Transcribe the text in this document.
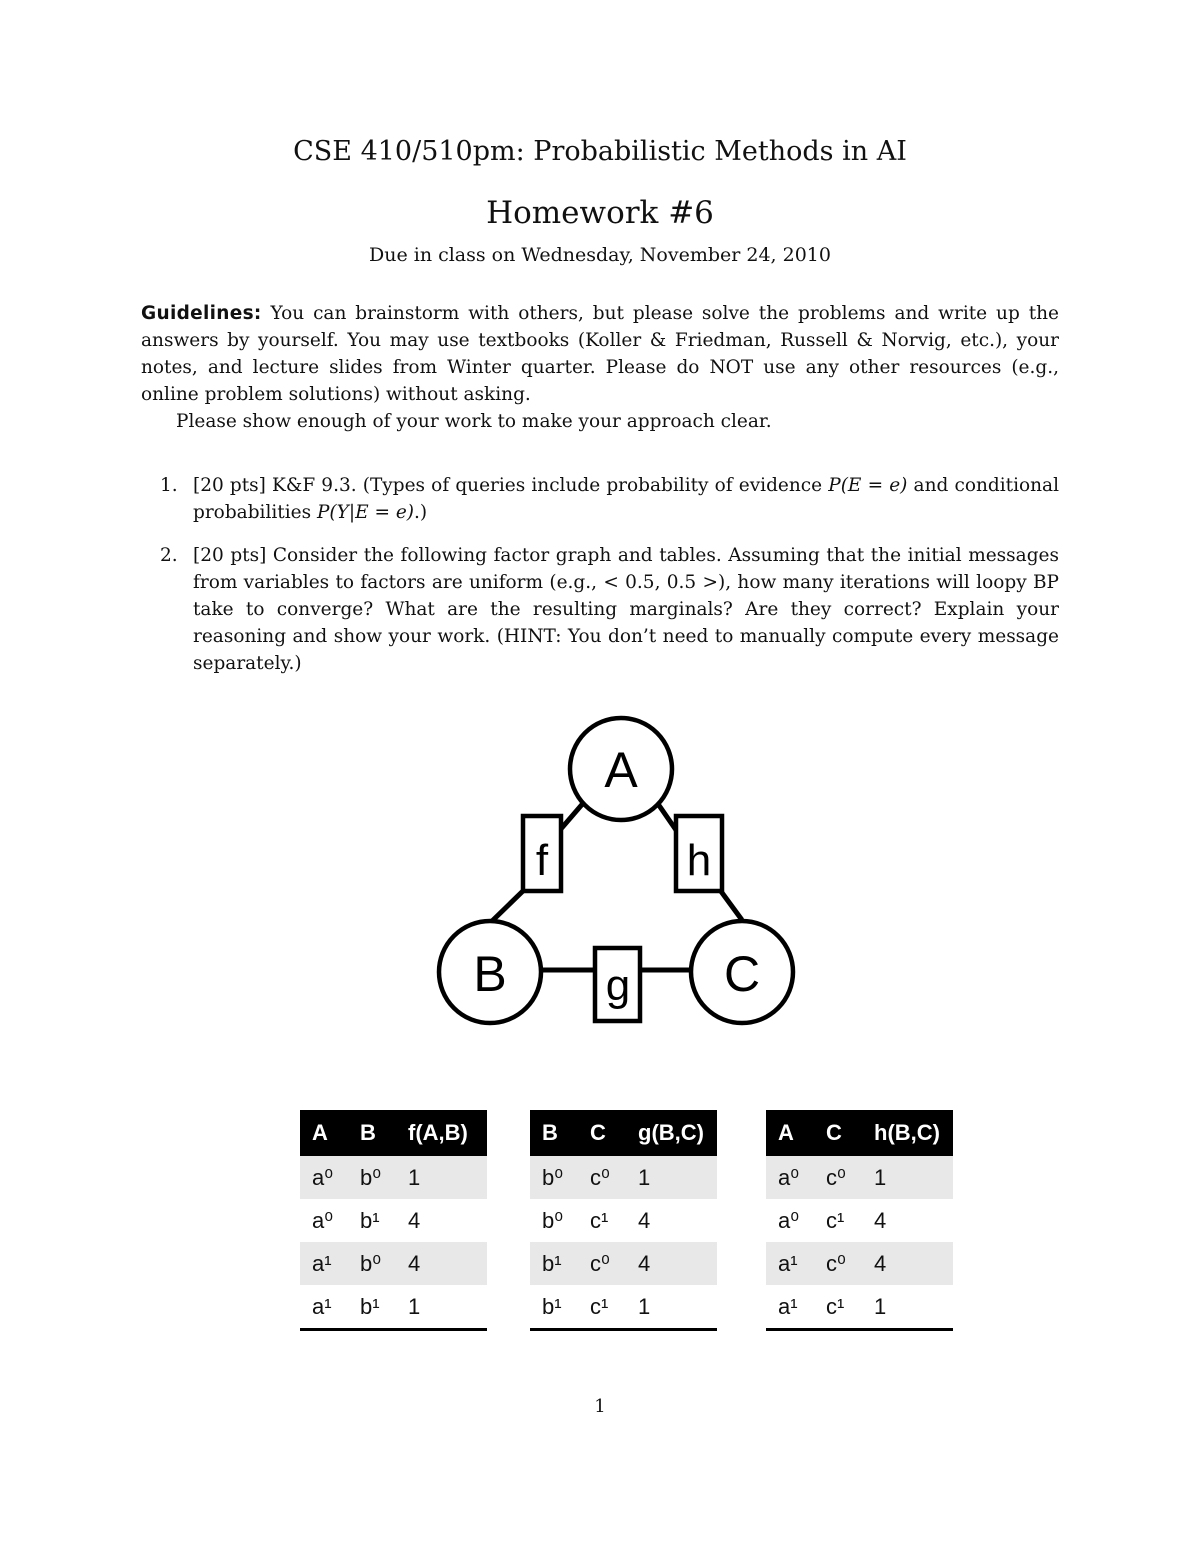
CSE 410/510pm: Probabilistic Methods in AI
Homework #6
Due in class on Wednesday, November 24, 2010
Guidelines: You can brainstorm with others, but please solve the problems and write up the answers by yourself. You may use textbooks (Koller & Friedman, Russell & Norvig, etc.), your notes, and lecture slides from Winter quarter. Please do NOT use any other resources (e.g., online problem solutions) without asking.
Please show enough of your work to make your approach clear.
1. [20 pts] K&F 9.3. (Types of queries include probability of evidence P(E = e) and conditional probabilities P(Y|E = e).)
2. [20 pts] Consider the following factor graph and tables. Assuming that the initial messages from variables to factors are uniform (e.g., < 0.5, 0.5 >), how many iterations will loopy BP take to converge? What are the resulting marginals? Are they correct? Explain your reasoning and show your work. (HINT: You don’t need to manually compute every message separately.)
A
B	C
f	h
g
A	B	f(A,B)
a⁰	b⁰	1
a⁰	b¹	4
a¹	b⁰	4
a¹	b¹	1
B	C	g(B,C)
b⁰	c⁰	1
b⁰	c¹	4
b¹	c⁰	4
b¹	c¹	1
A	C	h(B,C)
a⁰	c⁰	1
a⁰	c¹	4
a¹	c⁰	4
a¹	c¹	1
1
